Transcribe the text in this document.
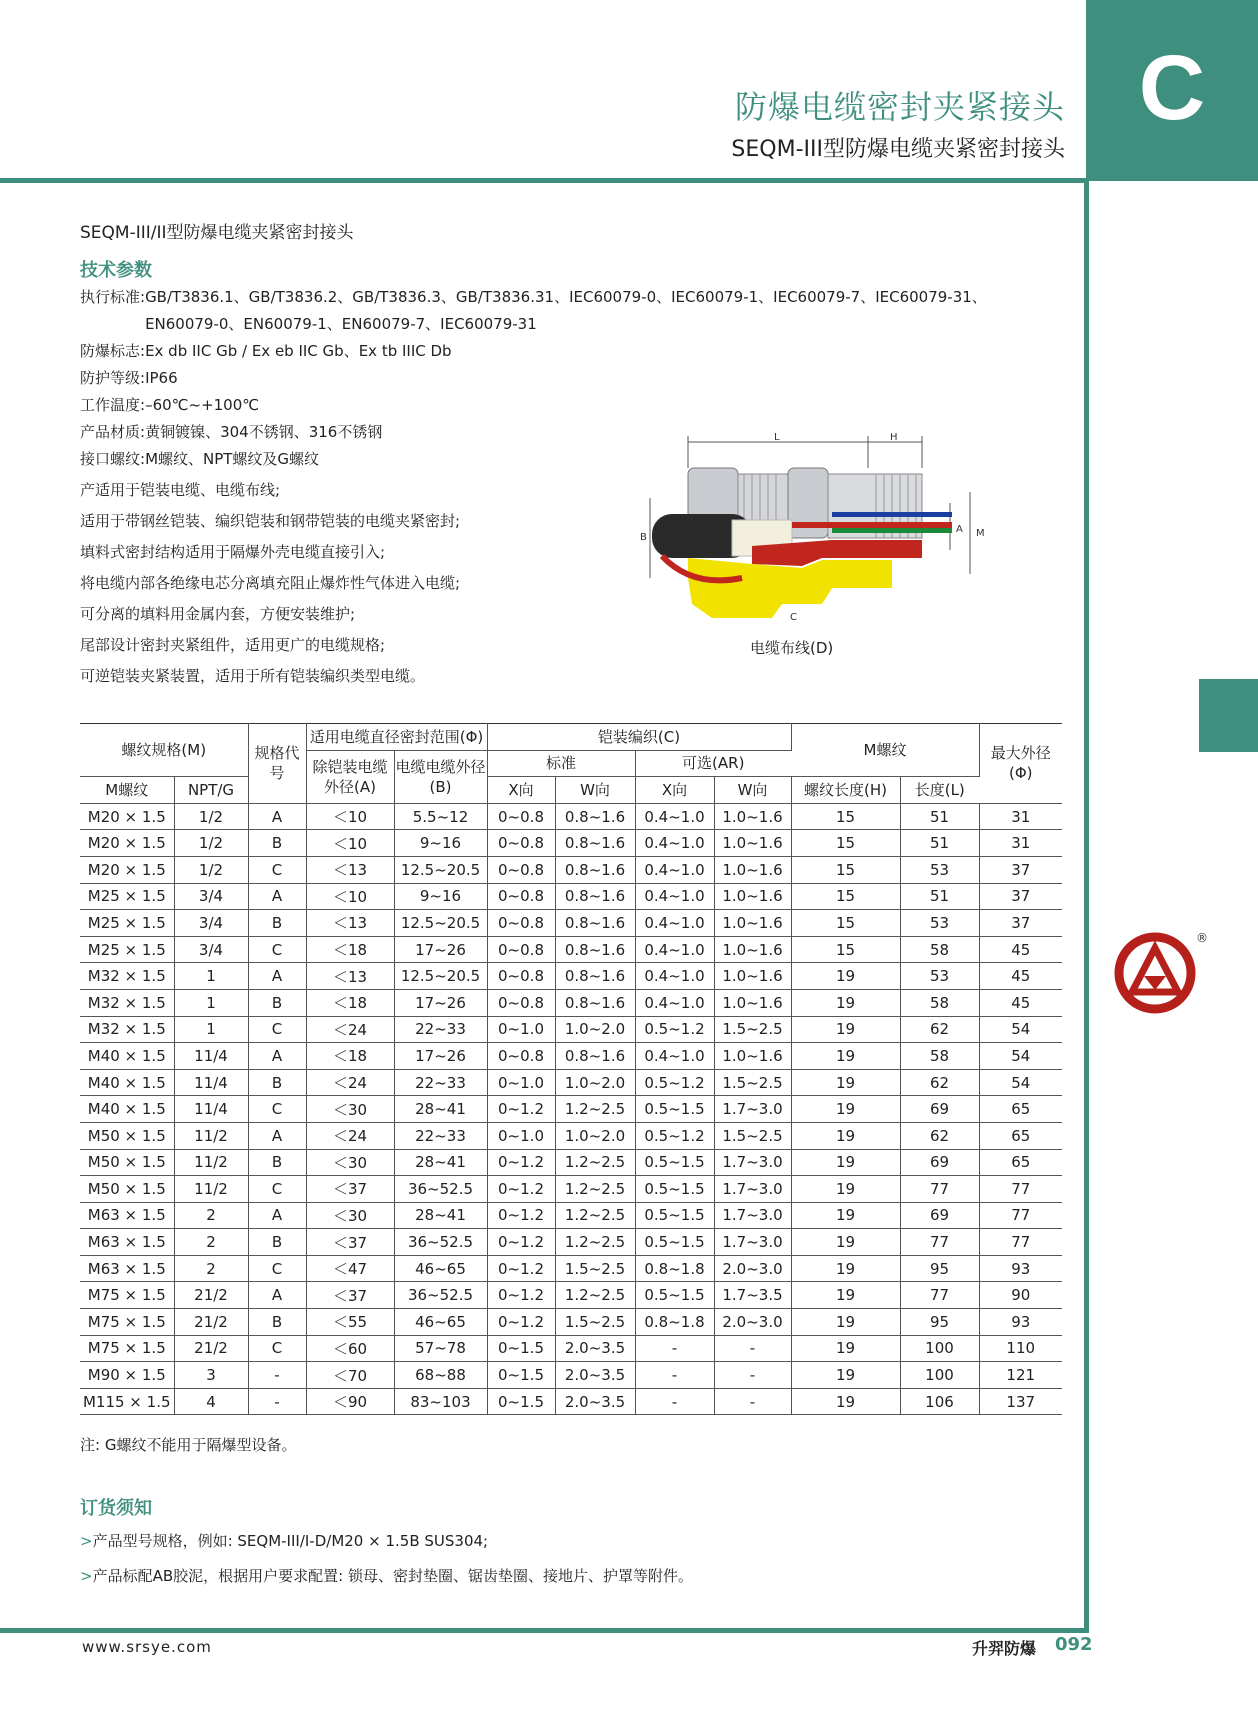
C
防爆电缆密封夹紧接头
SEQM-III型防爆电缆夹紧密封接头
SEQM-III/II型防爆电缆夹紧密封接头
技术参数
执行标准: GB/T3836.1、GB/T3836.2、GB/T3836.3、GB/T3836.31、IEC60079-0、IEC60079-1、IEC60079-7、IEC60079-31、EN60079-0、EN60079-1、EN60079-7、IEC60079-31
防爆标志: Ex db IIC Gb / Ex eb IIC Gb、Ex tb IIIC Db
防护等级: IP66
工作温度: –60℃~+100℃
产品材质: 黄铜镀镍、304不锈钢、316不锈钢
接口螺纹: M螺纹、NPT螺纹及G螺纹
产适用于铠装电缆、电缆布线;
适用于带钢丝铠装、编织铠装和钢带铠装的电缆夹紧密封;
填料式密封结构适用于隔爆外壳电缆直接引入;
将电缆内部各绝缘电芯分离填充阻止爆炸性气体进入电缆;
可分离的填料用金属内套，方便安装维护;
尾部设计密封夹紧组件，适用更广的电缆规格;
可逆铠装夹紧装置，适用于所有铠装编织类型电缆。
L	H
A M
B
C
电缆布线(D)
螺纹规格(M)		规格代号	适用电缆直径密封范围(Φ)		铠装编织(C)				M螺纹		最大外径(Φ)
			除铠装电缆外径(A)	电缆电缆外径(B)	标准		可选(AR)				
M螺纹	NPT/G				X向	W向	X向	W向	螺纹长度(H)	长度(L)	
M20 × 1.5	1/2	A	＜10	5.5~12	0~0.8	0.8~1.6	0.4~1.0	1.0~1.6	15	51	31
M20 × 1.5	1/2	B	＜10	9~16	0~0.8	0.8~1.6	0.4~1.0	1.0~1.6	15	51	31
M20 × 1.5	1/2	C	＜13	12.5~20.5	0~0.8	0.8~1.6	0.4~1.0	1.0~1.6	15	53	37
M25 × 1.5	3/4	A	＜10	9~16	0~0.8	0.8~1.6	0.4~1.0	1.0~1.6	15	51	37
M25 × 1.5	3/4	B	＜13	12.5~20.5	0~0.8	0.8~1.6	0.4~1.0	1.0~1.6	15	53	37
M25 × 1.5	3/4	C	＜18	17~26	0~0.8	0.8~1.6	0.4~1.0	1.0~1.6	15	58	45
M32 × 1.5	1	A	＜13	12.5~20.5	0~0.8	0.8~1.6	0.4~1.0	1.0~1.6	19	53	45
M32 × 1.5	1	B	＜18	17~26	0~0.8	0.8~1.6	0.4~1.0	1.0~1.6	19	58	45
M32 × 1.5	1	C	＜24	22~33	0~1.0	1.0~2.0	0.5~1.2	1.5~2.5	19	62	54
M40 × 1.5	11/4	A	＜18	17~26	0~0.8	0.8~1.6	0.4~1.0	1.0~1.6	19	58	54
M40 × 1.5	11/4	B	＜24	22~33	0~1.0	1.0~2.0	0.5~1.2	1.5~2.5	19	62	54
M40 × 1.5	11/4	C	＜30	28~41	0~1.2	1.2~2.5	0.5~1.5	1.7~3.0	19	69	65
M50 × 1.5	11/2	A	＜24	22~33	0~1.0	1.0~2.0	0.5~1.2	1.5~2.5	19	62	65
M50 × 1.5	11/2	B	＜30	28~41	0~1.2	1.2~2.5	0.5~1.5	1.7~3.0	19	69	65
M50 × 1.5	11/2	C	＜37	36~52.5	0~1.2	1.2~2.5	0.5~1.5	1.7~3.0	19	77	77
M63 × 1.5	2	A	＜30	28~41	0~1.2	1.2~2.5	0.5~1.5	1.7~3.0	19	69	77
M63 × 1.5	2	B	＜37	36~52.5	0~1.2	1.2~2.5	0.5~1.5	1.7~3.0	19	77	77
M63 × 1.5	2	C	＜47	46~65	0~1.2	1.5~2.5	0.8~1.8	2.0~3.0	19	95	93
M75 × 1.5	21/2	A	＜37	36~52.5	0~1.2	1.2~2.5	0.5~1.5	1.7~3.5	19	77	90
M75 × 1.5	21/2	B	＜55	46~65	0~1.2	1.5~2.5	0.8~1.8	2.0~3.0	19	95	93
M75 × 1.5	21/2	C	＜60	57~78	0~1.5	2.0~3.5	-	-	19	100	110
M90 × 1.5	3	-	＜70	68~88	0~1.5	2.0~3.5	-	-	19	100	121
M115 × 1.5	4	-	＜90	83~103	0~1.5	2.0~3.5	-	-	19	106	137
注: G螺纹不能用于隔爆型设备。
订货须知
>产品型号规格，例如: SEQM-III/I-D/M20 × 1.5B SUS304;
>产品标配AB胶泥，根据用户要求配置: 锁母、密封垫圈、锯齿垫圈、接地片、护罩等附件。
®
www.srsye.com	升羿防爆 092
